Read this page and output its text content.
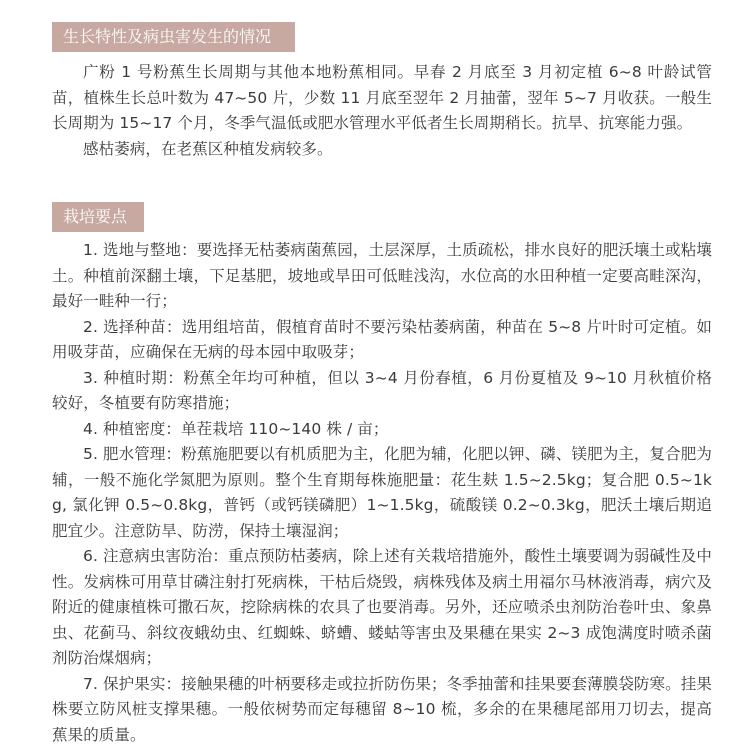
生长特性及病虫害发生的情况

广粉 1 号粉蕉生长周期与其他本地粉蕉相同。早春 2 月底至 3 月初定植 6~8 叶龄试管苗，植株生长总叶数为 47~50 片，少数 11 月底至翌年 2 月抽蕾，翌年 5~7 月收获。一般生长周期为 15~17 个月，冬季气温低或肥水管理水平低者生长周期稍长。抗旱、抗寒能力强。

感枯萎病，在老蕉区种植发病较多。

栽培要点

1. 选地与整地：要选择无枯萎病菌蕉园，土层深厚，土质疏松，排水良好的肥沃壤土或粘壤土。种植前深翻土壤，下足基肥，坡地或旱田可低畦浅沟，水位高的水田种植一定要高畦深沟，最好一畦种一行；

2. 选择种苗：选用组培苗，假植育苗时不要污染枯萎病菌，种苗在 5~8 片叶时可定植。如用吸芽苗，应确保在无病的母本园中取吸芽；

3. 种植时期：粉蕉全年均可种植，但以 3~4 月份春植，6 月份夏植及 9~10 月秋植价格较好，冬植要有防寒措施；

4. 种植密度：单茬栽培 110~140 株 / 亩；

5. 肥水管理：粉蕉施肥要以有机质肥为主，化肥为辅，化肥以钾、磷、镁肥为主，复合肥为辅，一般不施化学氮肥为原则。整个生育期每株施肥量：花生麸 1.5~2.5kg；复合肥 0.5~1kg, 氯化钾 0.5~0.8kg，普钙（或钙镁磷肥）1~1.5kg，硫酸镁 0.2~0.3kg，肥沃土壤后期追肥宜少。注意防旱、防涝，保持土壤湿润；

6. 注意病虫害防治：重点预防枯萎病，除上述有关栽培措施外，酸性土壤要调为弱碱性及中性。发病株可用草甘磷注射打死病株，干枯后烧毁，病株残体及病土用福尔马林液消毒，病穴及附近的健康植株可撒石灰，挖除病株的农具了也要消毒。另外，还应喷杀虫剂防治卷叶虫、象鼻虫、花蓟马、斜纹夜蛾幼虫、红蜘蛛、蛴螬、蝼蛄等害虫及果穗在果实 2~3 成饱满度时喷杀菌剂防治煤烟病；

7. 保护果实：接触果穗的叶柄要移走或拉折防伤果；冬季抽蕾和挂果要套薄膜袋防寒。挂果株要立防风桩支撑果穗。一般依树势而定每穗留 8~10 梳，多余的在果穗尾部用刀切去，提高蕉果的质量。
